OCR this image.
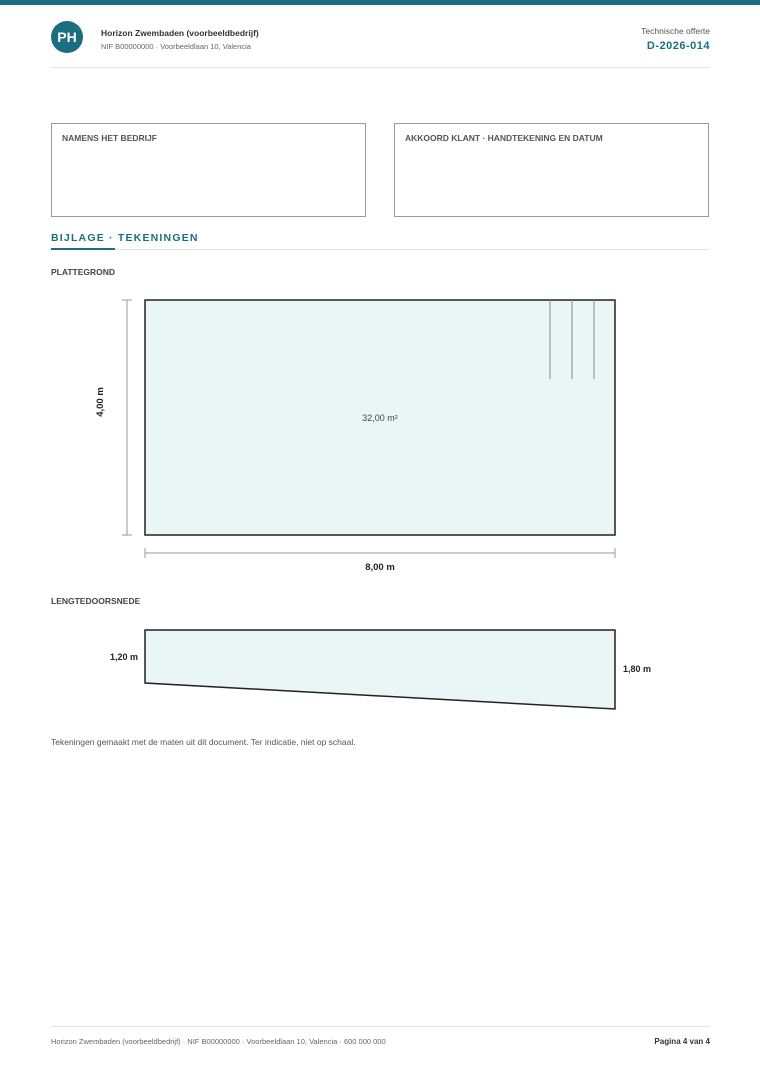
PH	Horizon Zwembaden (voorbeeldbedrijf)
NIF B00000000 · Voorbeeldlaan 10, Valencia
Technische offerte
D-2026-014
NAMENS HET BEDRIJF	AKKOORD KLANT · HANDTEKENING EN DATUM
BIJLAGE · TEKENINGEN
PLATTEGROND
32,00 m²
8,00 m
4,00 m
1,20 m
1,80 m
LENGTEDOORSNEDE
Tekeningen gemaakt met de maten uit dit document. Ter indicatie, niet op schaal.
Horizon Zwembaden (voorbeeldbedrijf) · NIF B00000000 · Voorbeeldlaan 10, Valencia · 600 000 000	Pagina 4 van 4
